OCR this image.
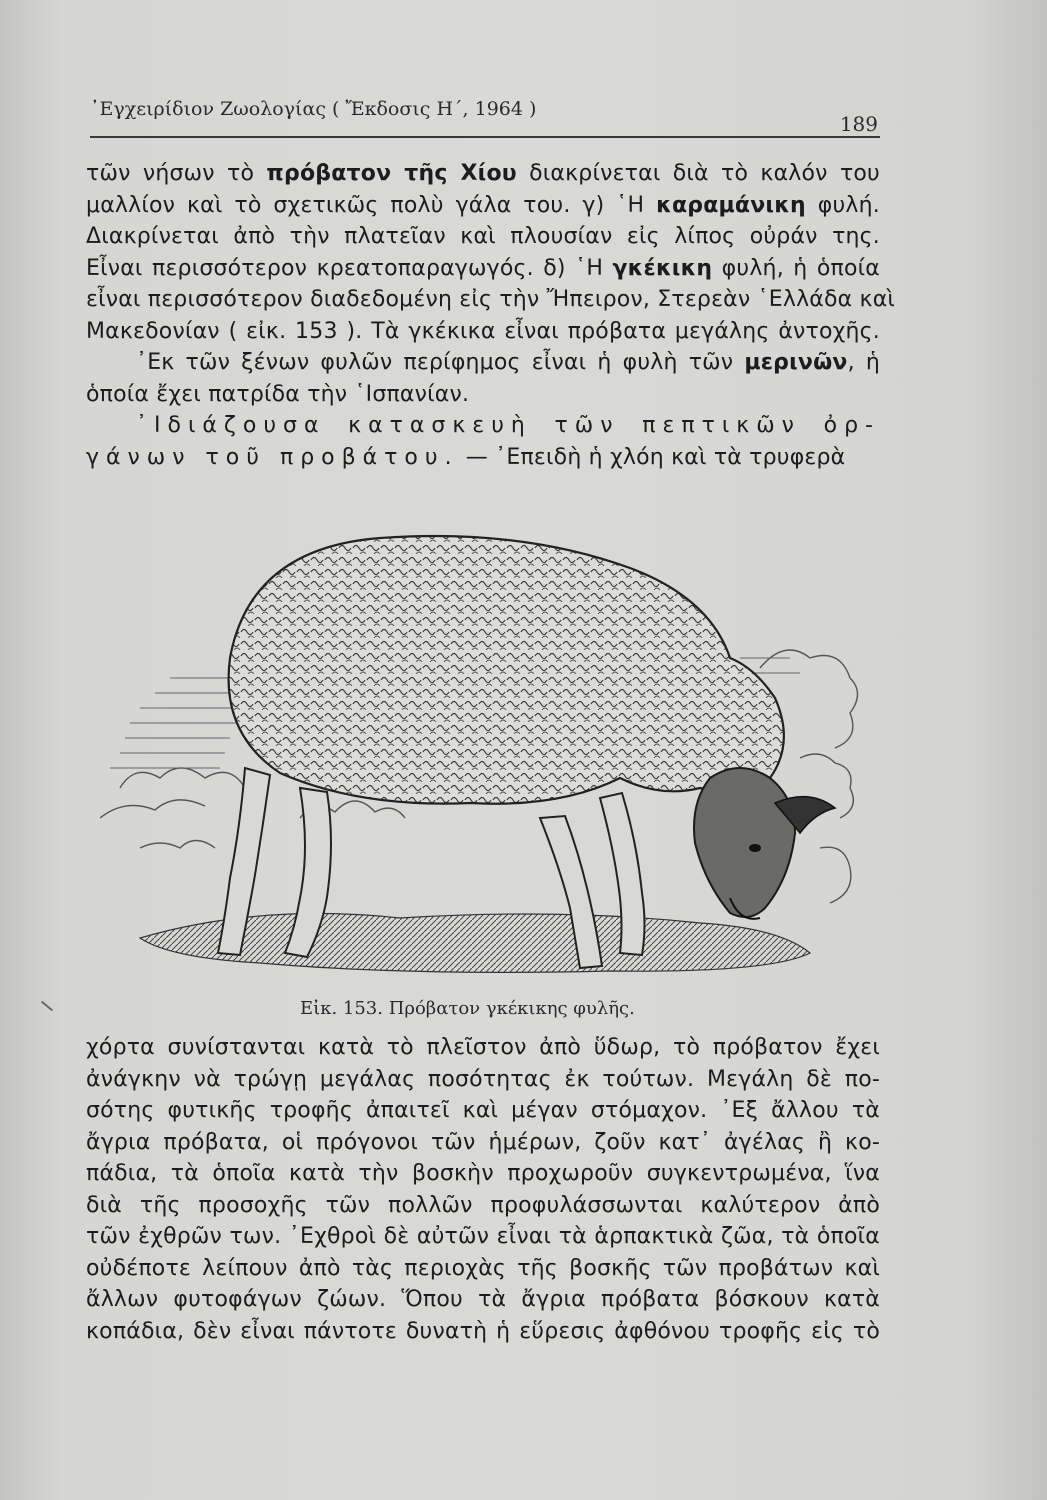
᾿Εγχειρίδιον Ζωολογίας ( Ἔκδοσις Η΄, 1964 )
189
τῶν νήσων τὸ πρόβατον τῆς Χίου διακρίνεται διὰ τὸ καλόν του
μαλλίον καὶ τὸ σχετικῶς πολὺ γάλα του. γ) ῾Η καραμάνικη φυλή.
Διακρίνεται ἀπὸ τὴν πλατεῖαν καὶ πλουσίαν εἰς λίπος οὐράν της.
Εἶναι περισσότερον κρεατοπαραγωγός. δ) ῾Η γκέκικη φυλή, ἡ ὁποία
εἶναι περισσότερον διαδεδομένη εἰς τὴν Ἤπειρον, Στερεὰν ῾Ελλάδα καὶ
Μακεδονίαν ( εἰκ. 153 ). Τὰ γκέκικα εἶναι πρόβατα μεγάλης ἀντοχῆς.
᾿Εκ τῶν ξένων φυλῶν περίφημος εἶναι ἡ φυλὴ τῶν μερινῶν, ἡ
ὁποία ἔχει πατρίδα τὴν ῾Ισπανίαν.
᾿Ιδιάζουσα κατασκευὴ τῶν πεπτικῶν ὀρ-
γάνων τοῦ προβάτου. — ᾿Επειδὴ ἡ χλόη καὶ τὰ τρυφερὰ
Εἰκ. 153. Πρόβατον γκέκικης φυλῆς.
χόρτα συνίστανται κατὰ τὸ πλεῖστον ἀπὸ ὕδωρ, τὸ πρόβατον ἔχει
ἀνάγκην νὰ τρώγῃ μεγάλας ποσότητας ἐκ τούτων. Μεγάλη δὲ πο-
σότης φυτικῆς τροφῆς ἀπαιτεῖ καὶ μέγαν στόμαχον. ᾿Εξ ἄλλου τὰ
ἄγρια πρόβατα, οἱ πρόγονοι τῶν ἡμέρων, ζοῦν κατ᾿ ἀγέλας ἢ κο-
πάδια, τὰ ὁποῖα κατὰ τὴν βοσκὴν προχωροῦν συγκεντρωμένα, ἵνα
διὰ τῆς προσοχῆς τῶν πολλῶν προφυλάσσωνται καλύτερον ἀπὸ
τῶν ἐχθρῶν των. ᾿Εχθροὶ δὲ αὐτῶν εἶναι τὰ ἁρπακτικὰ ζῶα, τὰ ὁποῖα
οὐδέποτε λείπουν ἀπὸ τὰς περιοχὰς τῆς βοσκῆς τῶν προβάτων καὶ
ἄλλων φυτοφάγων ζώων. Ὅπου τὰ ἄγρια πρόβατα βόσκουν κατὰ
κοπάδια, δὲν εἶναι πάντοτε δυνατὴ ἡ εὕρεσις ἀφθόνου τροφῆς εἰς τὸ
